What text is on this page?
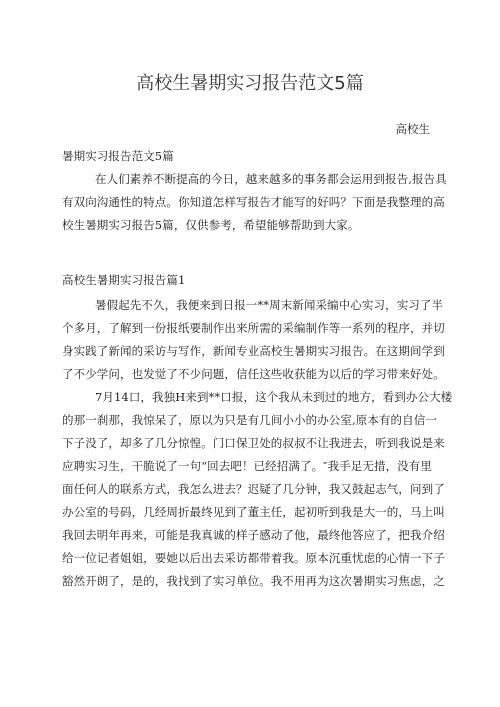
高校生暑期实习报告范文5篇
高校生
暑期实习报告范文5篇
在人们素养不断提高的今日，越来越多的事务都会运用到报告,报告具
有双向沟通性的特点。你知道怎样写报告才能写的好吗？下面是我整理的高
校生暑期实习报告5篇，仅供参考，希望能够帮助到大家。
高校生暑期实习报告篇1
暑假起先不久，我便来到日报一**周末新闻采编中心实习，实习了半
个多月，了解到一份报纸要制作出来所需的采编制作等一系列的程序，并切
身实践了新闻的采访与写作，新闻专业高校生暑期实习报告。在这期间学到
了不少学问，也发觉了不少问题，信任这些收获能为以后的学习带来好处。
7月14口，我独H来到**口报，这个我从未到过的地方，看到办公大楼
的那一刹那，我惊呆了，原以为只是有几间小小的办公室,原本有的自信一
下子没了，却多了几分惊惶。门口保卫处的叔叔不让我进去，听到我说是来
应聘实习生，干脆说了一句“回去吧！已经招满了。″我手足无措，没有里
面任何人的联系方式，我怎么进去？迟疑了几分钟，我又鼓起志气，问到了
办公室的号码，几经周折最终见到了董主任，起初听到我是大一的，马上叫
我回去明年再来，可能是我真诚的样子感动了他，最终他答应了，把我介绍
给一位记者姐姐，要她以后出去采访都带着我。原本沉重忧虑的心情一下子
豁然开朗了，是的，我找到了实习单位。我不用再为这次暑期实习焦虑，之
